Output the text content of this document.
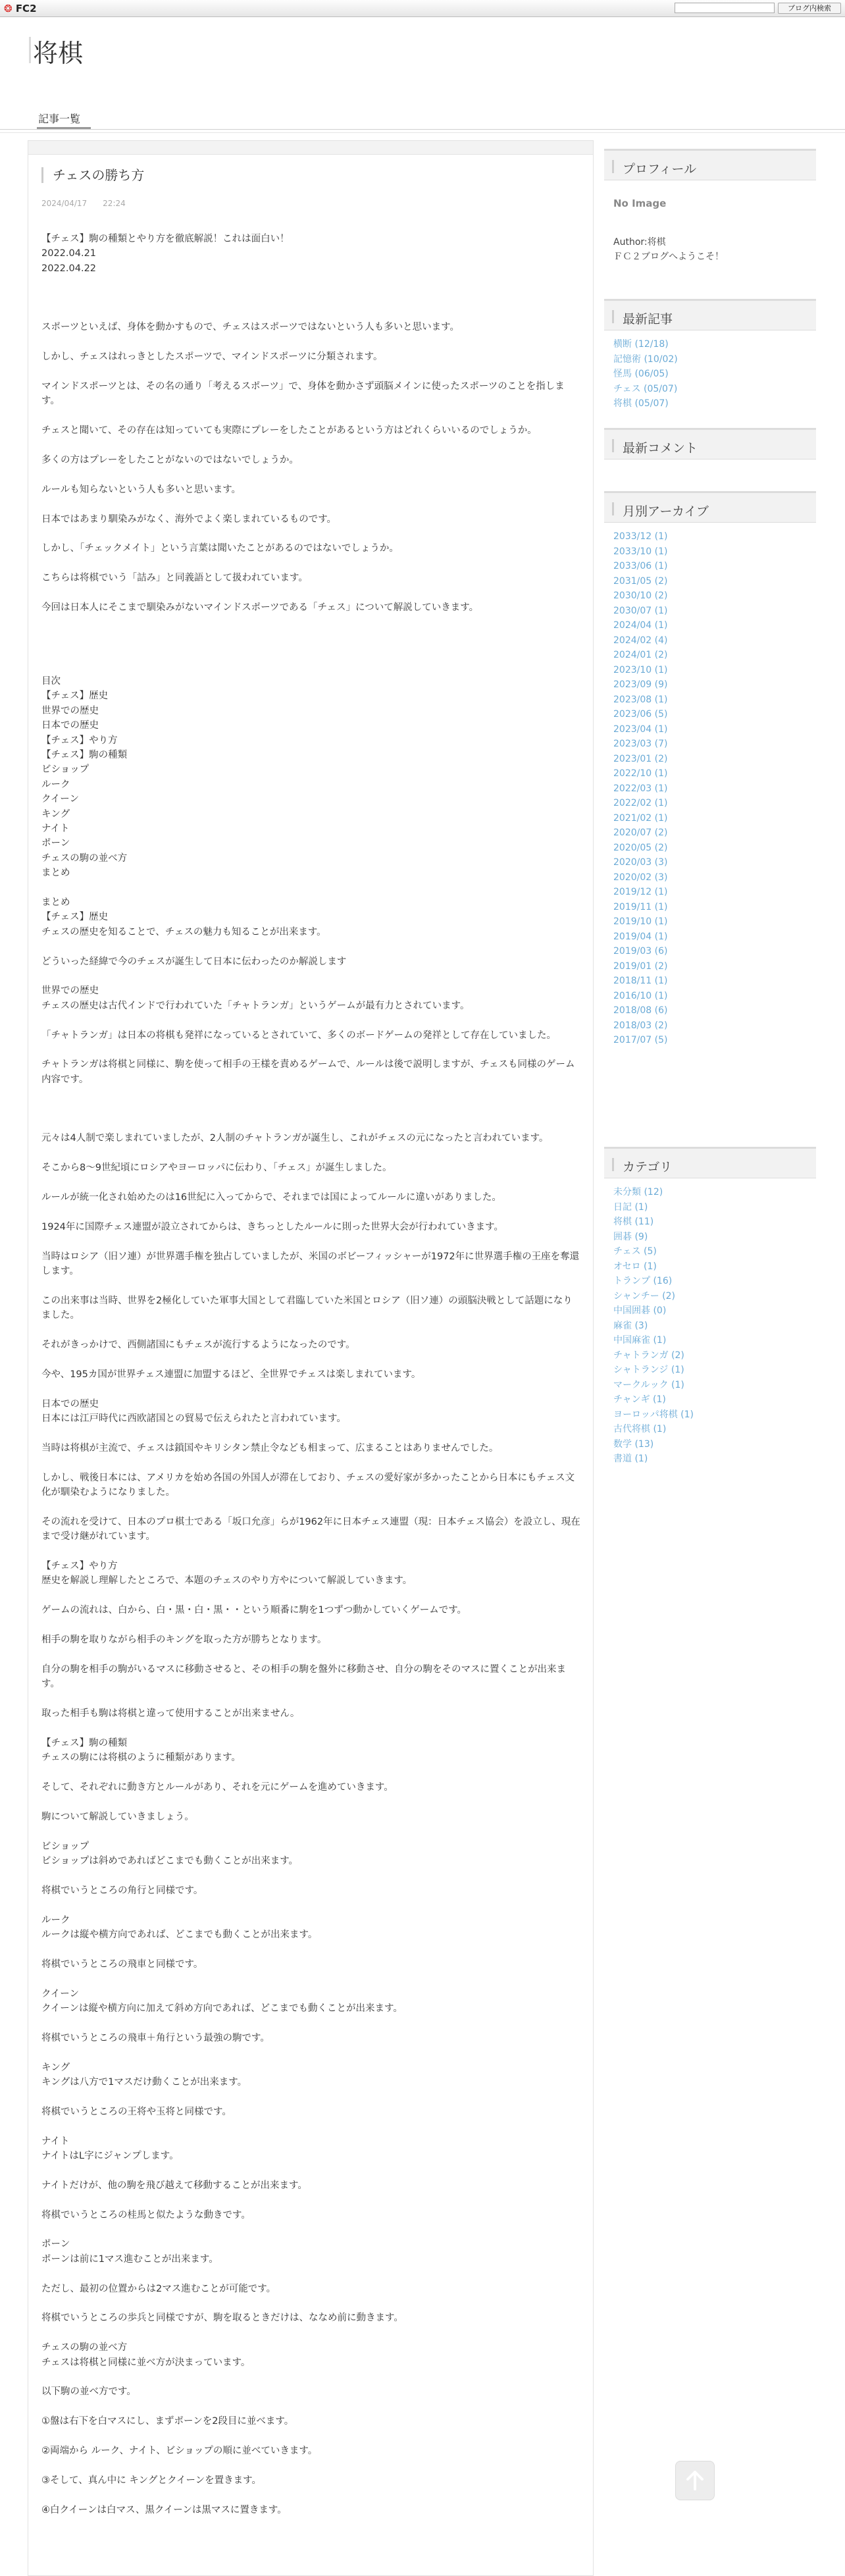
❂ FC2	ブログ内検索
将棋
記事一覧
チェスの勝ち方
2024/04/17 22:24
【チェス】駒の種類とやり方を徹底解説！これは面白い！
2022.04.21
2022.04.22

スポーツといえば、身体を動かすもので、チェスはスポーツではないという人も多いと思います。
しかし、チェスはれっきとしたスポーツで、マインドスポーツに分類されます。
マインドスポーツとは、その名の通り「考えるスポーツ」で、身体を動かさず頭脳メインに使ったスポーツのことを指します。
チェスと聞いて、その存在は知っていても実際にプレーをしたことがあるという方はどれくらいいるのでしょうか。
多くの方はプレーをしたことがないのではないでしょうか。
ルールも知らないという人も多いと思います。
日本ではあまり馴染みがなく、海外でよく楽しまれているものです。
しかし、「チェックメイト」という言葉は聞いたことがあるのではないでしょうか。
こちらは将棋でいう「詰み」と同義語として扱われています。
今回は日本人にそこまで馴染みがないマインドスポーツである「チェス」について解説していきます。

目次
【チェス】歴史
世界での歴史
日本での歴史
【チェス】やり方
【チェス】駒の種類
ビショップ
ルーク
クイーン
キング
ナイト
ポーン
チェスの駒の並べ方
まとめ
まとめ
【チェス】歴史
チェスの歴史を知ることで、チェスの魅力も知ることが出来ます。
どういった経緯で今のチェスが誕生して日本に伝わったのか解説します
世界での歴史
チェスの歴史は古代インドで行われていた「チャトランガ」というゲームが最有力とされています。
「チャトランガ」は日本の将棋も発祥になっているとされていて、多くのボードゲームの発祥として存在していました。
チャトランガは将棋と同様に、駒を使って相手の王様を責めるゲームで、ルールは後で説明しますが、チェスも同様のゲーム内容です。

元々は4人制で楽しまれていましたが、2人制のチャトランガが誕生し、これがチェスの元になったと言われています。
そこから8～9世紀頃にロシアやヨーロッパに伝わり、「チェス」が誕生しました。
ルールが統一化され始めたのは16世紀に入ってからで、それまでは国によってルールに違いがありました。
1924年に国際チェス連盟が設立されてからは、きちっとしたルールに則った世界大会が行われていきます。
当時はロシア（旧ソ連）が世界選手権を独占していましたが、米国のボビーフィッシャーが1972年に世界選手権の王座を奪還します。
この出来事は当時、世界を2極化していた軍事大国として君臨していた米国とロシア（旧ソ連）の頭脳決戦として話題になりました。
それがきっかけで、西側諸国にもチェスが流行するようになったのです。
今や、195カ国が世界チェス連盟に加盟するほど、全世界でチェスは楽しまれています。
日本での歴史
日本には江戸時代に西欧諸国との貿易で伝えられたと言われています。
当時は将棋が主流で、チェスは鎖国やキリシタン禁止令なども相まって、広まることはありませんでした。
しかし、戦後日本には、アメリカを始め各国の外国人が滞在しており、チェスの愛好家が多かったことから日本にもチェス文化が馴染むようになりました。
その流れを受けて、日本のプロ棋士である「坂口允彦」らが1962年に日本チェス連盟（現：日本チェス協会）を設立し、現在まで受け継がれています。
【チェス】やり方
歴史を解説し理解したところで、本題のチェスのやり方やについて解説していきます。
ゲームの流れは、白から、白・黒・白・黒・・という順番に駒を1つずつ動かしていくゲームです。
相手の駒を取りながら相手のキングを取った方が勝ちとなります。
自分の駒を相手の駒がいるマスに移動させると、その相手の駒を盤外に移動させ、自分の駒をそのマスに置くことが出来ます。
取った相手も駒は将棋と違って使用することが出来ません。
【チェス】駒の種類
チェスの駒には将棋のように種類があります。
そして、それぞれに動き方とルールがあり、それを元にゲームを進めていきます。
駒について解説していきましょう。
ビショップ
ビショップは斜めであればどこまでも動くことが出来ます。
将棋でいうところの角行と同様です。
ルーク
ルークは縦や横方向であれば、どこまでも動くことが出来ます。
将棋でいうところの飛車と同様です。
クイーン
クイーンは縦や横方向に加えて斜め方向であれば、どこまでも動くことが出来ます。
将棋でいうところの飛車＋角行という最強の駒です。
キング
キングは八方で1マスだけ動くことが出来ます。
将棋でいうところの王将や玉将と同様です。
ナイト
ナイトはL字にジャンプします。
ナイトだけが、他の駒を飛び越えて移動することが出来ます。
将棋でいうところの桂馬と似たような動きです。
ポーン
ポーンは前に1マス進むことが出来ます。
ただし、最初の位置からは2マス進むことが可能です。
将棋でいうところの歩兵と同様ですが、駒を取るときだけは、ななめ前に動きます。
チェスの駒の並べ方
チェスは将棋と同様に並べ方が決まっています。
以下駒の並べ方です。
①盤は右下を白マスにし、まずポーンを2段目に並べます。
②両端から ルーク、ナイト、ビショップの順に並べていきます。
③そして、真ん中に キングとクイーンを置きます。
④白クイーンは白マス、黒クイーンは黒マスに置きます。
プロフィール
No Image
Author:将棋
ＦＣ２ブログへようこそ！
最新記事
横断 (12/18)
記憶術 (10/02)
怪馬 (06/05)
チェス (05/07)
将棋 (05/07)
最新コメント
月別アーカイブ
2033/12 (1)
2033/10 (1)
2033/06 (1)
2031/05 (2)
2030/10 (2)
2030/07 (1)
2024/04 (1)
2024/02 (4)
2024/01 (2)
2023/10 (1)
2023/09 (9)
2023/08 (1)
2023/06 (5)
2023/04 (1)
2023/03 (7)
2023/01 (2)
2022/10 (1)
2022/03 (1)
2022/02 (1)
2021/02 (1)
2020/07 (2)
2020/05 (2)
2020/03 (3)
2020/02 (3)
2019/12 (1)
2019/11 (1)
2019/10 (1)
2019/04 (1)
2019/03 (6)
2019/01 (2)
2018/11 (1)
2016/10 (1)
2018/08 (6)
2018/03 (2)
2017/07 (5)
カテゴリ
未分類 (12)
日記 (1)
将棋 (11)
囲碁 (9)
チェス (5)
オセロ (1)
トランプ (16)
シャンチー (2)
中国囲碁 (0)
麻雀 (3)
中国麻雀 (1)
チャトランガ (2)
シャトランジ (1)
マークルック (1)
チャンギ (1)
ヨーロッパ将棋 (1)
古代将棋 (1)
数学 (13)
書道 (1)
